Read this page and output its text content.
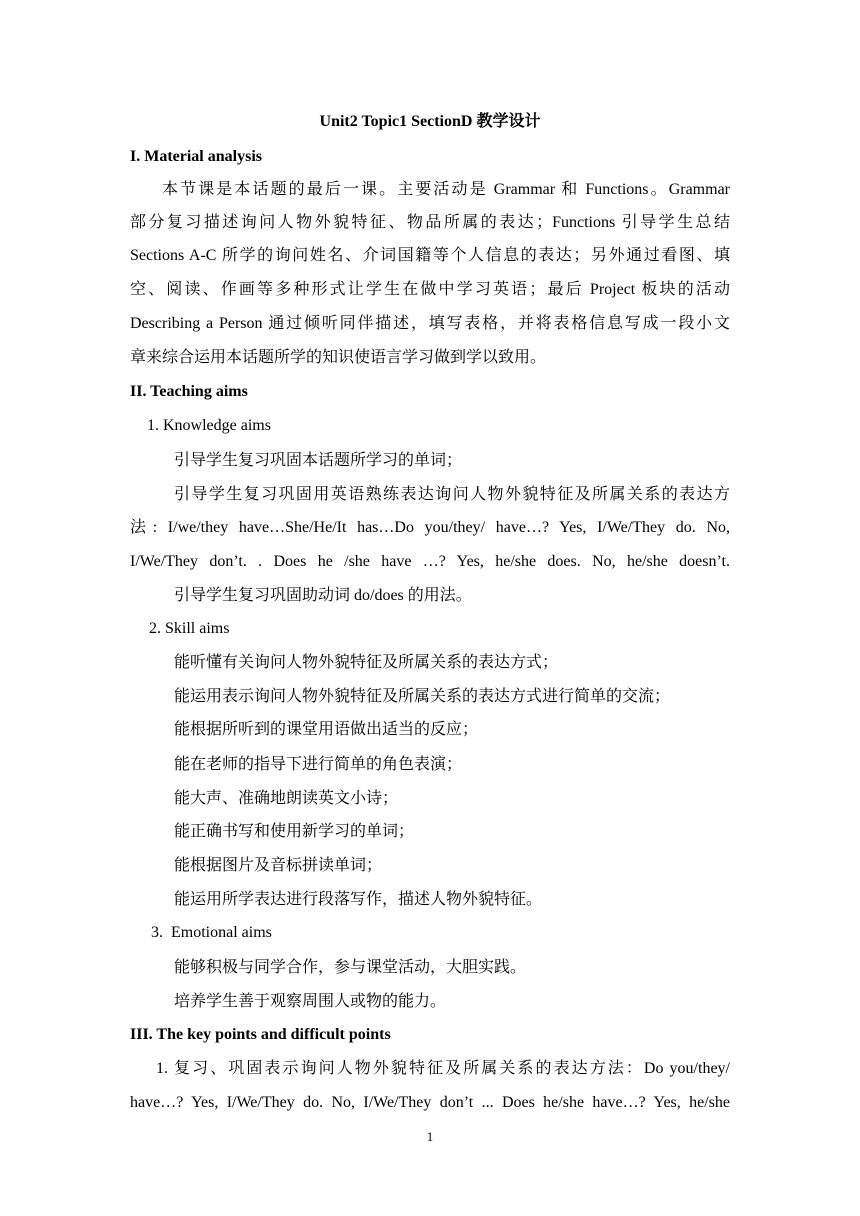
Unit2 Topic1 SectionD 教学设计
I. Material analysis
本节课是本话题的最后一课。主要活动是 Grammar 和 Functions。Grammar
部分复习描述询问人物外貌特征、物品所属的表达；Functions 引导学生总结
Sections A-C 所学的询问姓名、介词国籍等个人信息的表达；另外通过看图、填
空、阅读、作画等多种形式让学生在做中学习英语；最后 Project 板块的活动
Describing a Person 通过倾听同伴描述，填写表格，并将表格信息写成一段小文
章来综合运用本话题所学的知识使语言学习做到学以致用。
II. Teaching aims
1. Knowledge aims
引导学生复习巩固本话题所学习的单词；
引导学生复习巩固用英语熟练表达询问人物外貌特征及所属关系的表达方
法: I/we/they have…She/He/It has…Do you/they/ have…? Yes, I/We/They do. No,
I/We/They don’t. . Does he /she have …? Yes, he/she does. No, he/she doesn’t.
引导学生复习巩固助动词 do/does 的用法。
2. Skill aims
能听懂有关询问人物外貌特征及所属关系的表达方式；
能运用表示询问人物外貌特征及所属关系的表达方式进行简单的交流；
能根据所听到的课堂用语做出适当的反应；
能在老师的指导下进行简单的角色表演；
能大声、准确地朗读英文小诗；
能正确书写和使用新学习的单词；
能根据图片及音标拼读单词；
能运用所学表达进行段落写作，描述人物外貌特征。
3.  Emotional aims
能够积极与同学合作，参与课堂活动，大胆实践。
培养学生善于观察周围人或物的能力。
III. The key points and difficult points
1. 复习、巩固表示询问人物外貌特征及所属关系的表达方法：Do you/they/
have…? Yes, I/We/They do. No, I/We/They don’t ... Does he/she have…? Yes, he/she
1
